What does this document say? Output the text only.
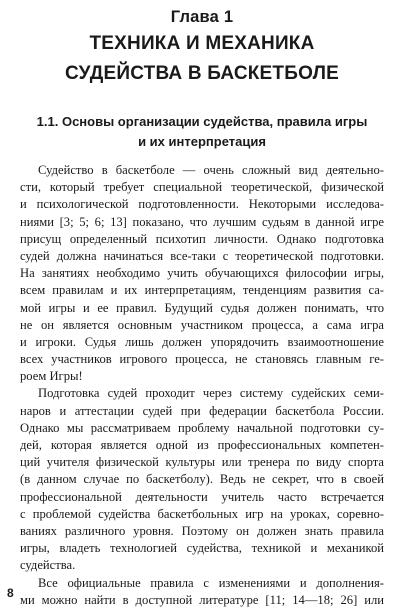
Глава 1
ТЕХНИКА И МЕХАНИКА
СУДЕЙСТВА В БАСКЕТБОЛЕ
1.1. Основы организации судейства, правила игры
и их интерпретация
Судейство в баскетболе — очень сложный вид деятельно-
сти, который требует специальной теоретической, физической
и психологической подготовленности. Некоторыми исследова-
ниями [3; 5; 6; 13] показано, что лучшим судьям в данной игре
присущ определенный психотип личности. Однако подготовка
судей должна начинаться все-таки с теоретической подготовки.
На занятиях необходимо учить обучающихся философии игры,
всем правилам и их интерпретациям, тенденциям развития са-
мой игры и ее правил. Будущий судья должен понимать, что
не он является основным участником процесса, а сама игра
и игроки. Судья лишь должен упорядочить взаимоотношение
всех участников игрового процесса, не становясь главным ге-
роем Игры!
Подготовка судей проходит через систему судейских семи-
наров и аттестации судей при федерации баскетбола России.
Однако мы рассматриваем проблему начальной подготовки су-
дей, которая является одной из профессиональных компетен-
ций учителя физической культуры или тренера по виду спорта
(в данном случае по баскетболу). Ведь не секрет, что в своей
профессиональной деятельности учитель часто встречается
с проблемой судейства баскетбольных игр на уроках, соревно-
ваниях различного уровня. Поэтому он должен знать правила
игры, владеть технологией судейства, техникой и механикой
судейства.
Все официальные правила с изменениями и дополнения-
ми можно найти в доступной литературе [11; 14—18; 26] или
8
